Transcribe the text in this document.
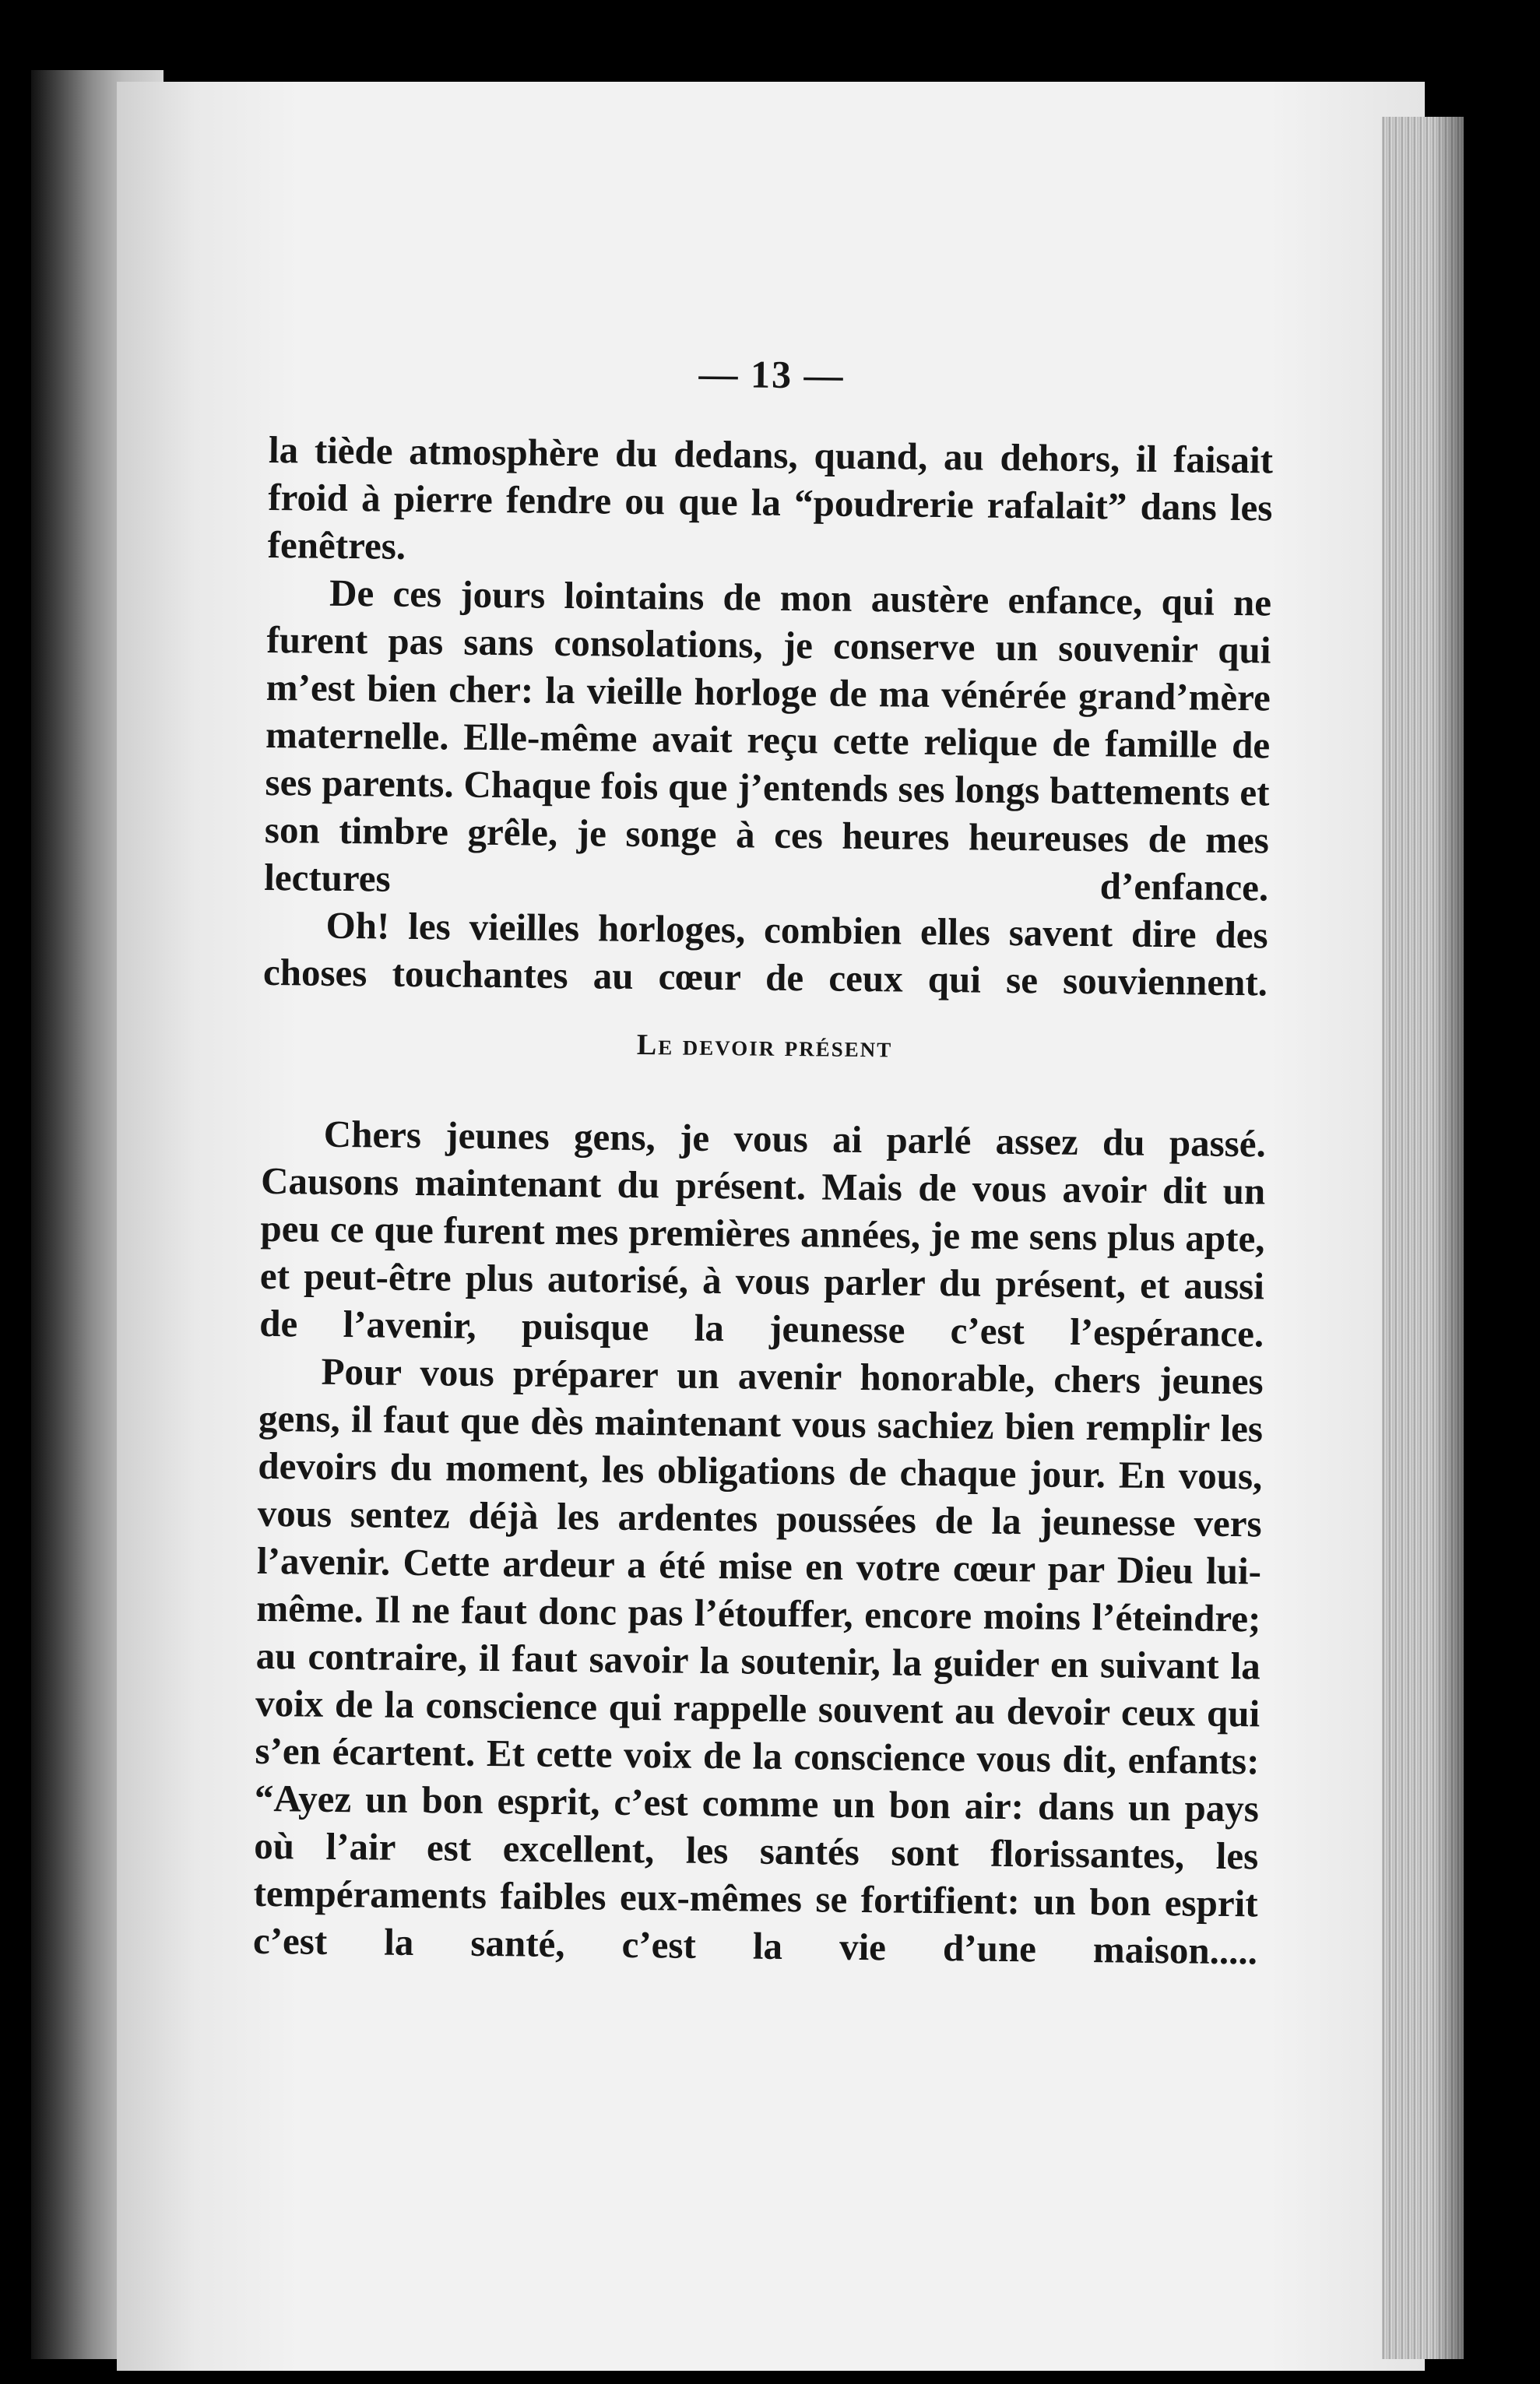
— 13 —

la tiède atmosphère du dedans, quand, au dehors, il faisait froid à pierre fendre ou que la “poudrerie rafalait” dans les fenêtres.

De ces jours lointains de mon austère enfance, qui ne furent pas sans consolations, je conserve un souvenir qui m’est bien cher: la vieille horloge de ma vénérée grand’mère maternelle. Elle-même avait reçu cette relique de famille de ses parents. Chaque fois que j’entends ses longs battements et son timbre grêle, je songe à ces heures heureuses de mes lectures d’enfance.

Oh! les vieilles horloges, combien elles savent dire des choses touchantes au cœur de ceux qui se souviennent.

Le devoir présent

Chers jeunes gens, je vous ai parlé assez du passé. Causons maintenant du présent. Mais de vous avoir dit un peu ce que furent mes premières années, je me sens plus apte, et peut-être plus autorisé, à vous parler du présent, et aussi de l’avenir, puisque la jeunesse c’est l’espérance.

Pour vous préparer un avenir honorable, chers jeunes gens, il faut que dès maintenant vous sachiez bien remplir les devoirs du moment, les obligations de chaque jour. En vous, vous sentez déjà les ardentes poussées de la jeunesse vers l’avenir. Cette ardeur a été mise en votre cœur par Dieu lui-même. Il ne faut donc pas l’étouffer, encore moins l’éteindre; au contraire, il faut savoir la soutenir, la guider en suivant la voix de la conscience qui rappelle souvent au devoir ceux qui s’en écartent. Et cette voix de la conscience vous dit, enfants: “Ayez un bon esprit, c’est comme un bon air: dans un pays où l’air est excellent, les santés sont florissantes, les tempéraments faibles eux-mêmes se fortifient: un bon esprit c’est la santé, c’est la vie d’une maison.....
